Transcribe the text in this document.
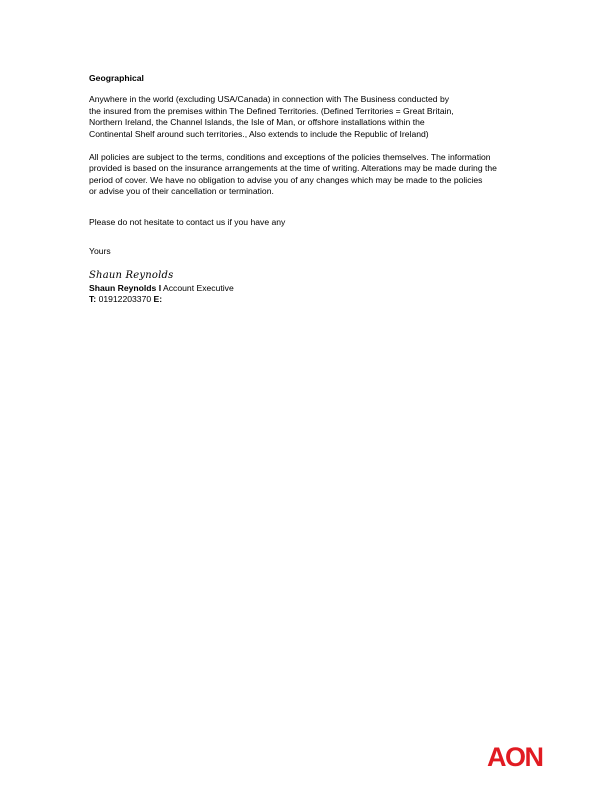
Geographical

Anywhere in the world (excluding USA/Canada) in connection with The Business conducted by
the insured from the premises within The Defined Territories. (Defined Territories = Great Britain,
Northern Ireland, the Channel Islands, the Isle of Man, or offshore installations within the
Continental Shelf around such territories., Also extends to include the Republic of Ireland)
All policies are subject to the terms, conditions and exceptions of the policies themselves. The information
provided is based on the insurance arrangements at the time of writing. Alterations may be made during the
period of cover. We have no obligation to advise you of any changes which may be made to the policies
or advise you of their cancellation or termination.

Please do not hesitate to contact us if you have any

Yours

Shaun Reynolds

Shaun Reynolds I Account Executive

T: 01912203370 E:

AON
